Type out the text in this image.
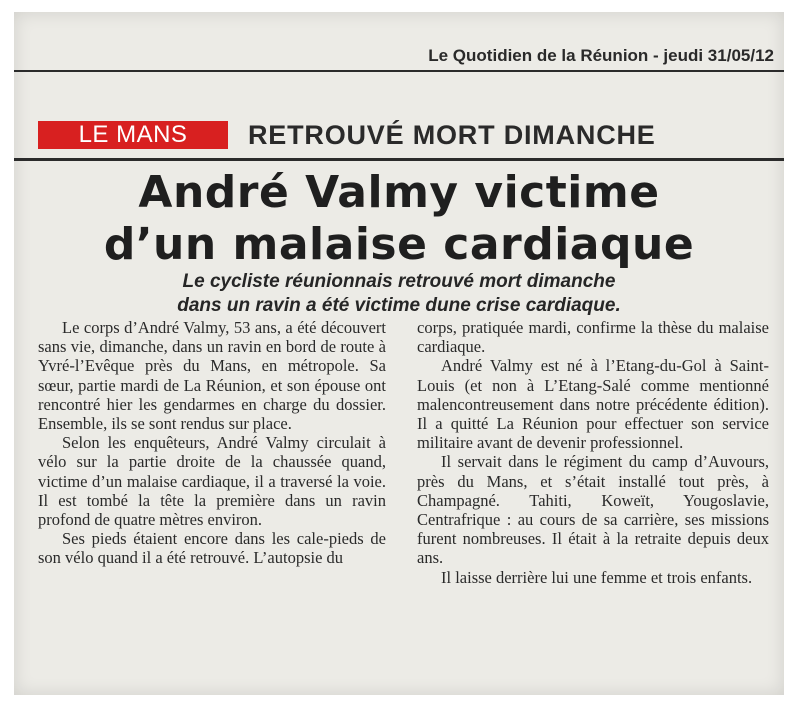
Le Quotidien de la Réunion - jeudi 31/05/12
LE MANS	RETROUVÉ MORT DIMANCHE
André Valmy victime
d’un malaise cardiaque
Le cycliste réunionnais retrouvé mort dimanche
dans un ravin a été victime dune crise cardiaque.

Le corps d’André Valmy, 53 ans, a été découvert sans vie, dimanche, dans un ravin en bord de route à Yvré-l’Evêque près du Mans, en métropole. Sa sœur, partie mardi de La Réunion, et son épouse ont rencontré hier les gendarmes en charge du dossier. Ensemble, ils se sont rendus sur place.

Selon les enquêteurs, André Valmy circulait à vélo sur la partie droite de la chaussée quand, victime d’un malaise cardiaque, il a traversé la voie. Il est tombé la tête la première dans un ravin profond de quatre mètres environ.

Ses pieds étaient encore dans les cale-pieds de son vélo quand il a été retrouvé. L’autopsie du

corps, pratiquée mardi, confirme la thèse du malaise cardiaque.

André Valmy est né à l’Etang-du-Gol à Saint-Louis (et non à L’Etang-Salé comme mentionné malencontreusement dans notre précédente édition). Il a quitté La Réunion pour effectuer son service militaire avant de devenir professionnel.

Il servait dans le régiment du camp d’Auvours, près du Mans, et s’était installé tout près, à Champagné. Tahiti, Koweït, Yougoslavie, Centrafrique : au cours de sa carrière, ses missions furent nombreuses. Il était à la retraite depuis deux ans.

Il laisse derrière lui une femme et trois enfants.
